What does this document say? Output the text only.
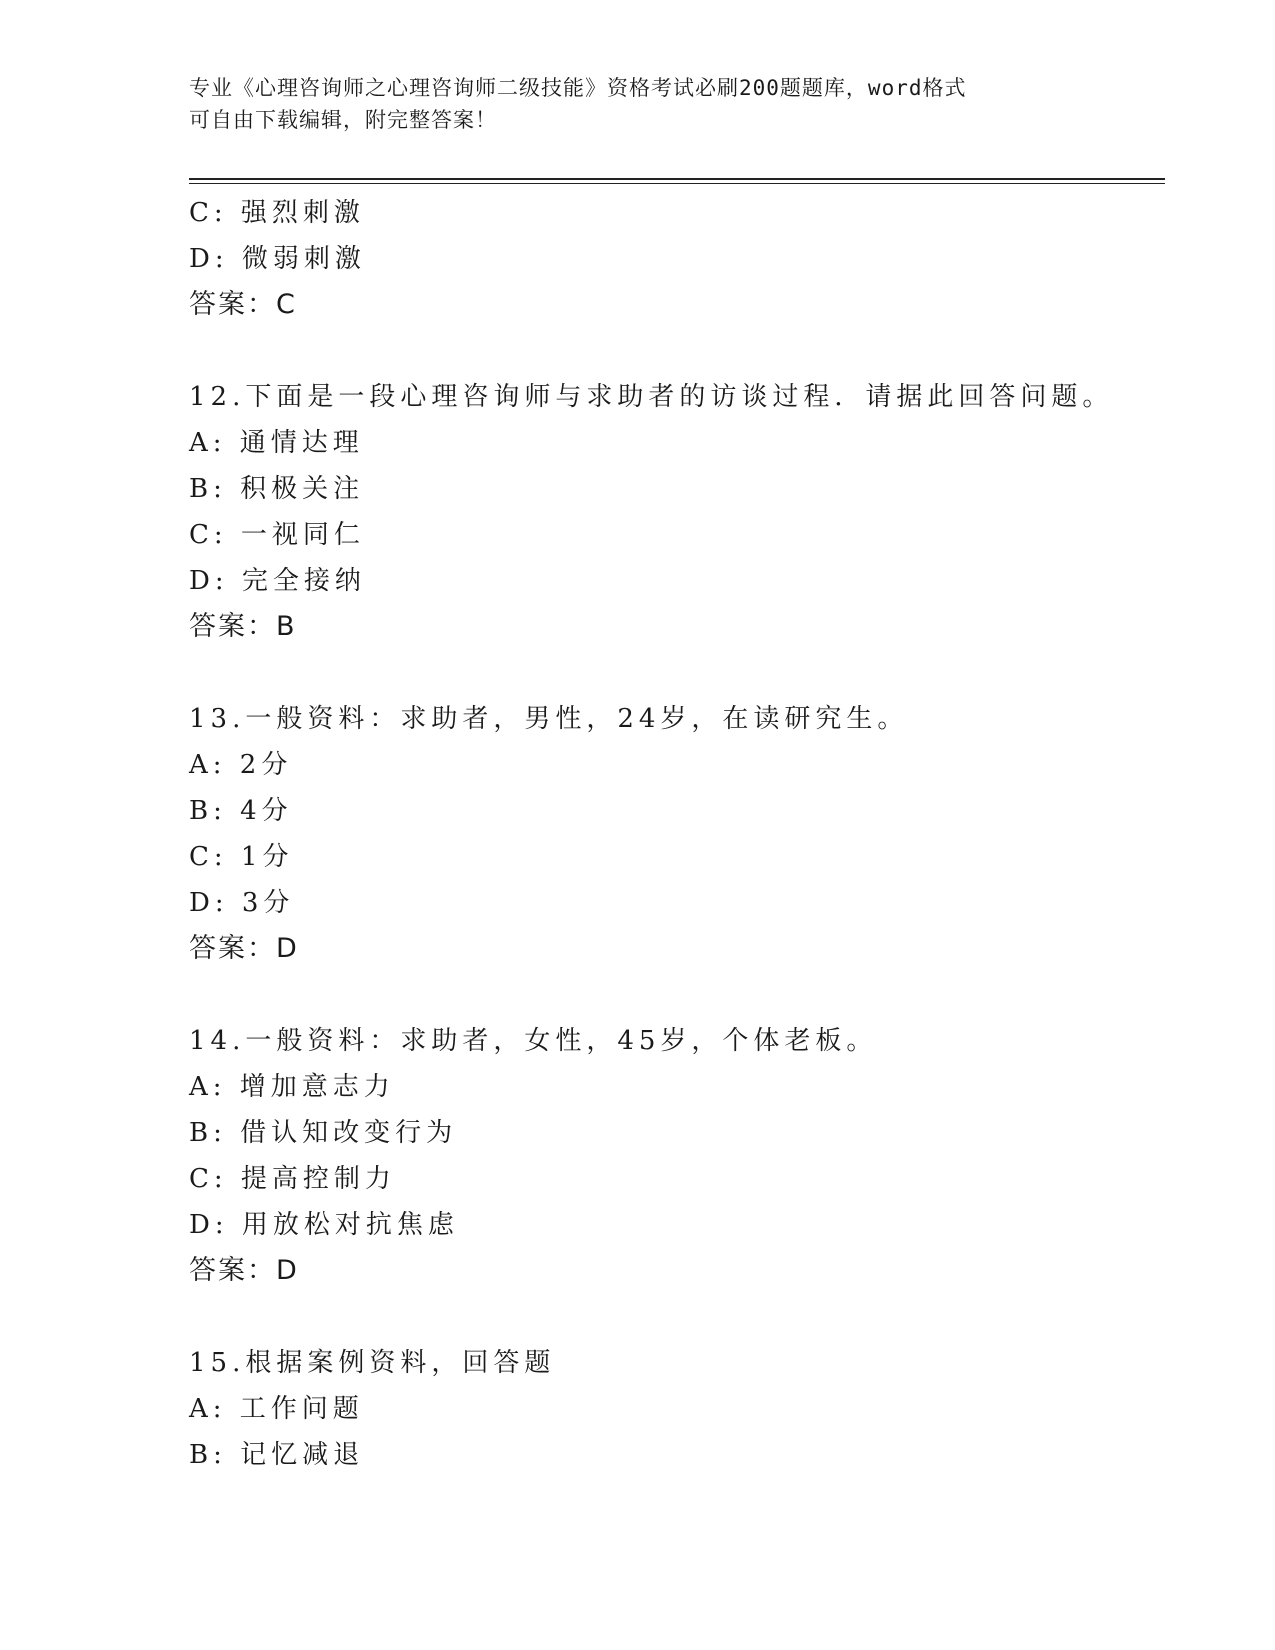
专业《心理咨询师之心理咨询师二级技能》资格考试必刷200题题库，word格式
可自由下载编辑，附完整答案！
C: 强烈刺激
D: 微弱刺激
答案：C
12.下面是一段心理咨询师与求助者的访谈过程．请据此回答问题。
A: 通情达理
B: 积极关注
C: 一视同仁
D: 完全接纳
答案：B
13.一般资料：求助者，男性，24岁，在读研究生。
A: 2分
B: 4分
C: 1分
D: 3分
答案：D
14.一般资料：求助者，女性，45岁，个体老板。
A: 增加意志力
B: 借认知改变行为
C: 提高控制力
D: 用放松对抗焦虑
答案：D
15.根据案例资料，回答题
A: 工作问题
B: 记忆减退
